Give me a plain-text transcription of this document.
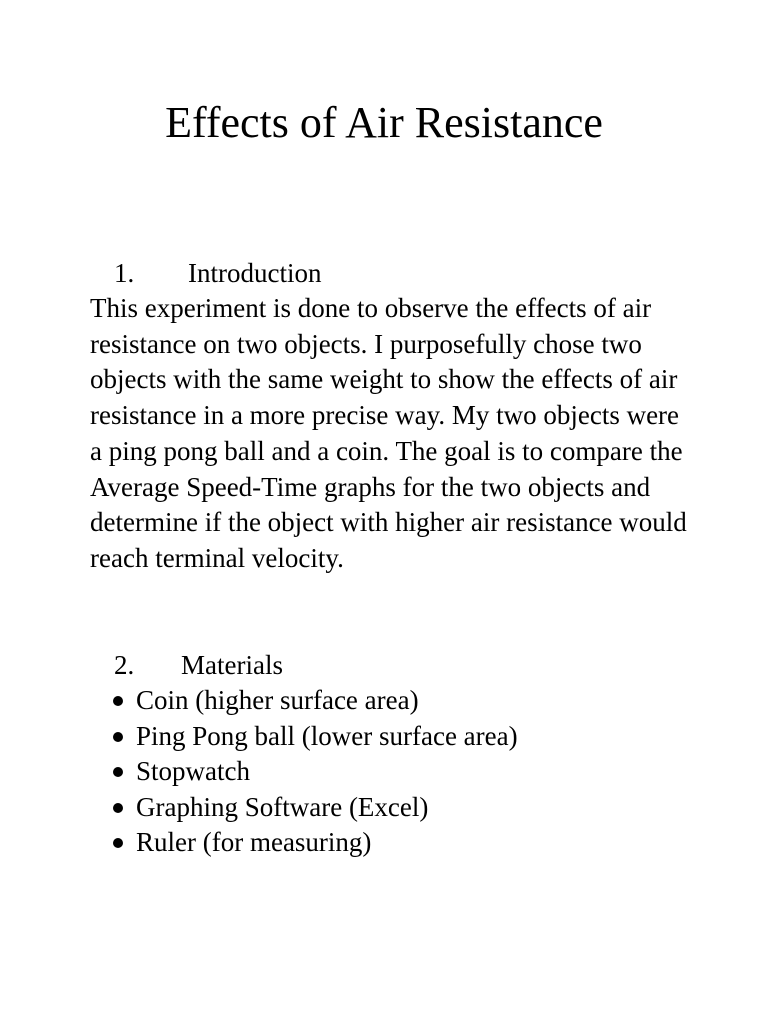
Effects of Air Resistance
1. Introduction

This experiment is done to observe the effects of air resistance on two objects. I purposefully chose two objects with the same weight to show the effects of air resistance in a more precise way. My two objects were a ping pong ball and a coin. The goal is to compare the Average Speed-Time graphs for the two objects and determine if the object with higher air resistance would reach terminal velocity.

2. Materials
Coin (higher surface area)
Ping Pong ball (lower surface area)
Stopwatch
Graphing Software (Excel)
Ruler (for measuring)
